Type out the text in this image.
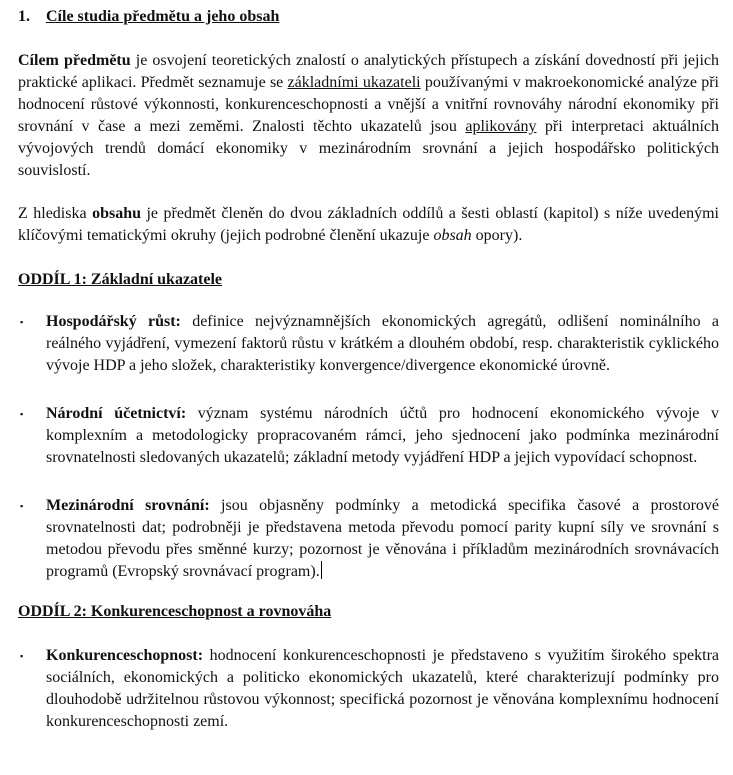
1. Cíle studia předmětu a jeho obsah

Cílem předmětu je osvojení teoretických znalostí o analytických přístupech a získání dovedností při jejich praktické aplikaci. Předmět seznamuje se základními ukazateli používanými v makroekonomické analýze při hodnocení růstové výkonnosti, konkurenceschopnosti a vnější a vnitřní rovnováhy národní ekonomiky při srovnání v čase a mezi zeměmi. Znalosti těchto ukazatelů jsou aplikovány při interpretaci aktuálních vývojových trendů domácí ekonomiky v mezinárodním srovnání a jejich hospodářsko politických souvislostí.

Z hlediska obsahu je předmět členěn do dvou základních oddílů a šesti oblastí (kapitol) s níže uvedenými klíčovými tematickými okruhy (jejich podrobné členění ukazuje obsah opory).

ODDÍL 1: Základní ukazatele

▪ Hospodářský růst: definice nejvýznamnějších ekonomických agregátů, odlišení nominálního a reálného vyjádření, vymezení faktorů růstu v krátkém a dlouhém období, resp. charakteristik cyklického vývoje HDP a jeho složek, charakteristiky konvergence/divergence ekonomické úrovně.

▪ Národní účetnictví: význam systému národních účtů pro hodnocení ekonomického vývoje v komplexním a metodologicky propracovaném rámci, jeho sjednocení jako podmínka mezinárodní srovnatelnosti sledovaných ukazatelů; základní metody vyjádření HDP a jejich vypovídací schopnost.

▪ Mezinárodní srovnání: jsou objasněny podmínky a metodická specifika časové a prostorové srovnatelnosti dat; podrobněji je představena metoda převodu pomocí parity kupní síly ve srovnání s metodou převodu přes směnné kurzy; pozornost je věnována i příkladům mezinárodních srovnávacích programů (Evropský srovnávací program).

ODDÍL 2: Konkurenceschopnost a rovnováha

▪ Konkurenceschopnost: hodnocení konkurenceschopnosti je představeno s využitím širokého spektra sociálních, ekonomických a politicko ekonomických ukazatelů, které charakterizují podmínky pro dlouhodobě udržitelnou růstovou výkonnost; specifická pozornost je věnována komplexnímu hodnocení konkurenceschopnosti zemí.
